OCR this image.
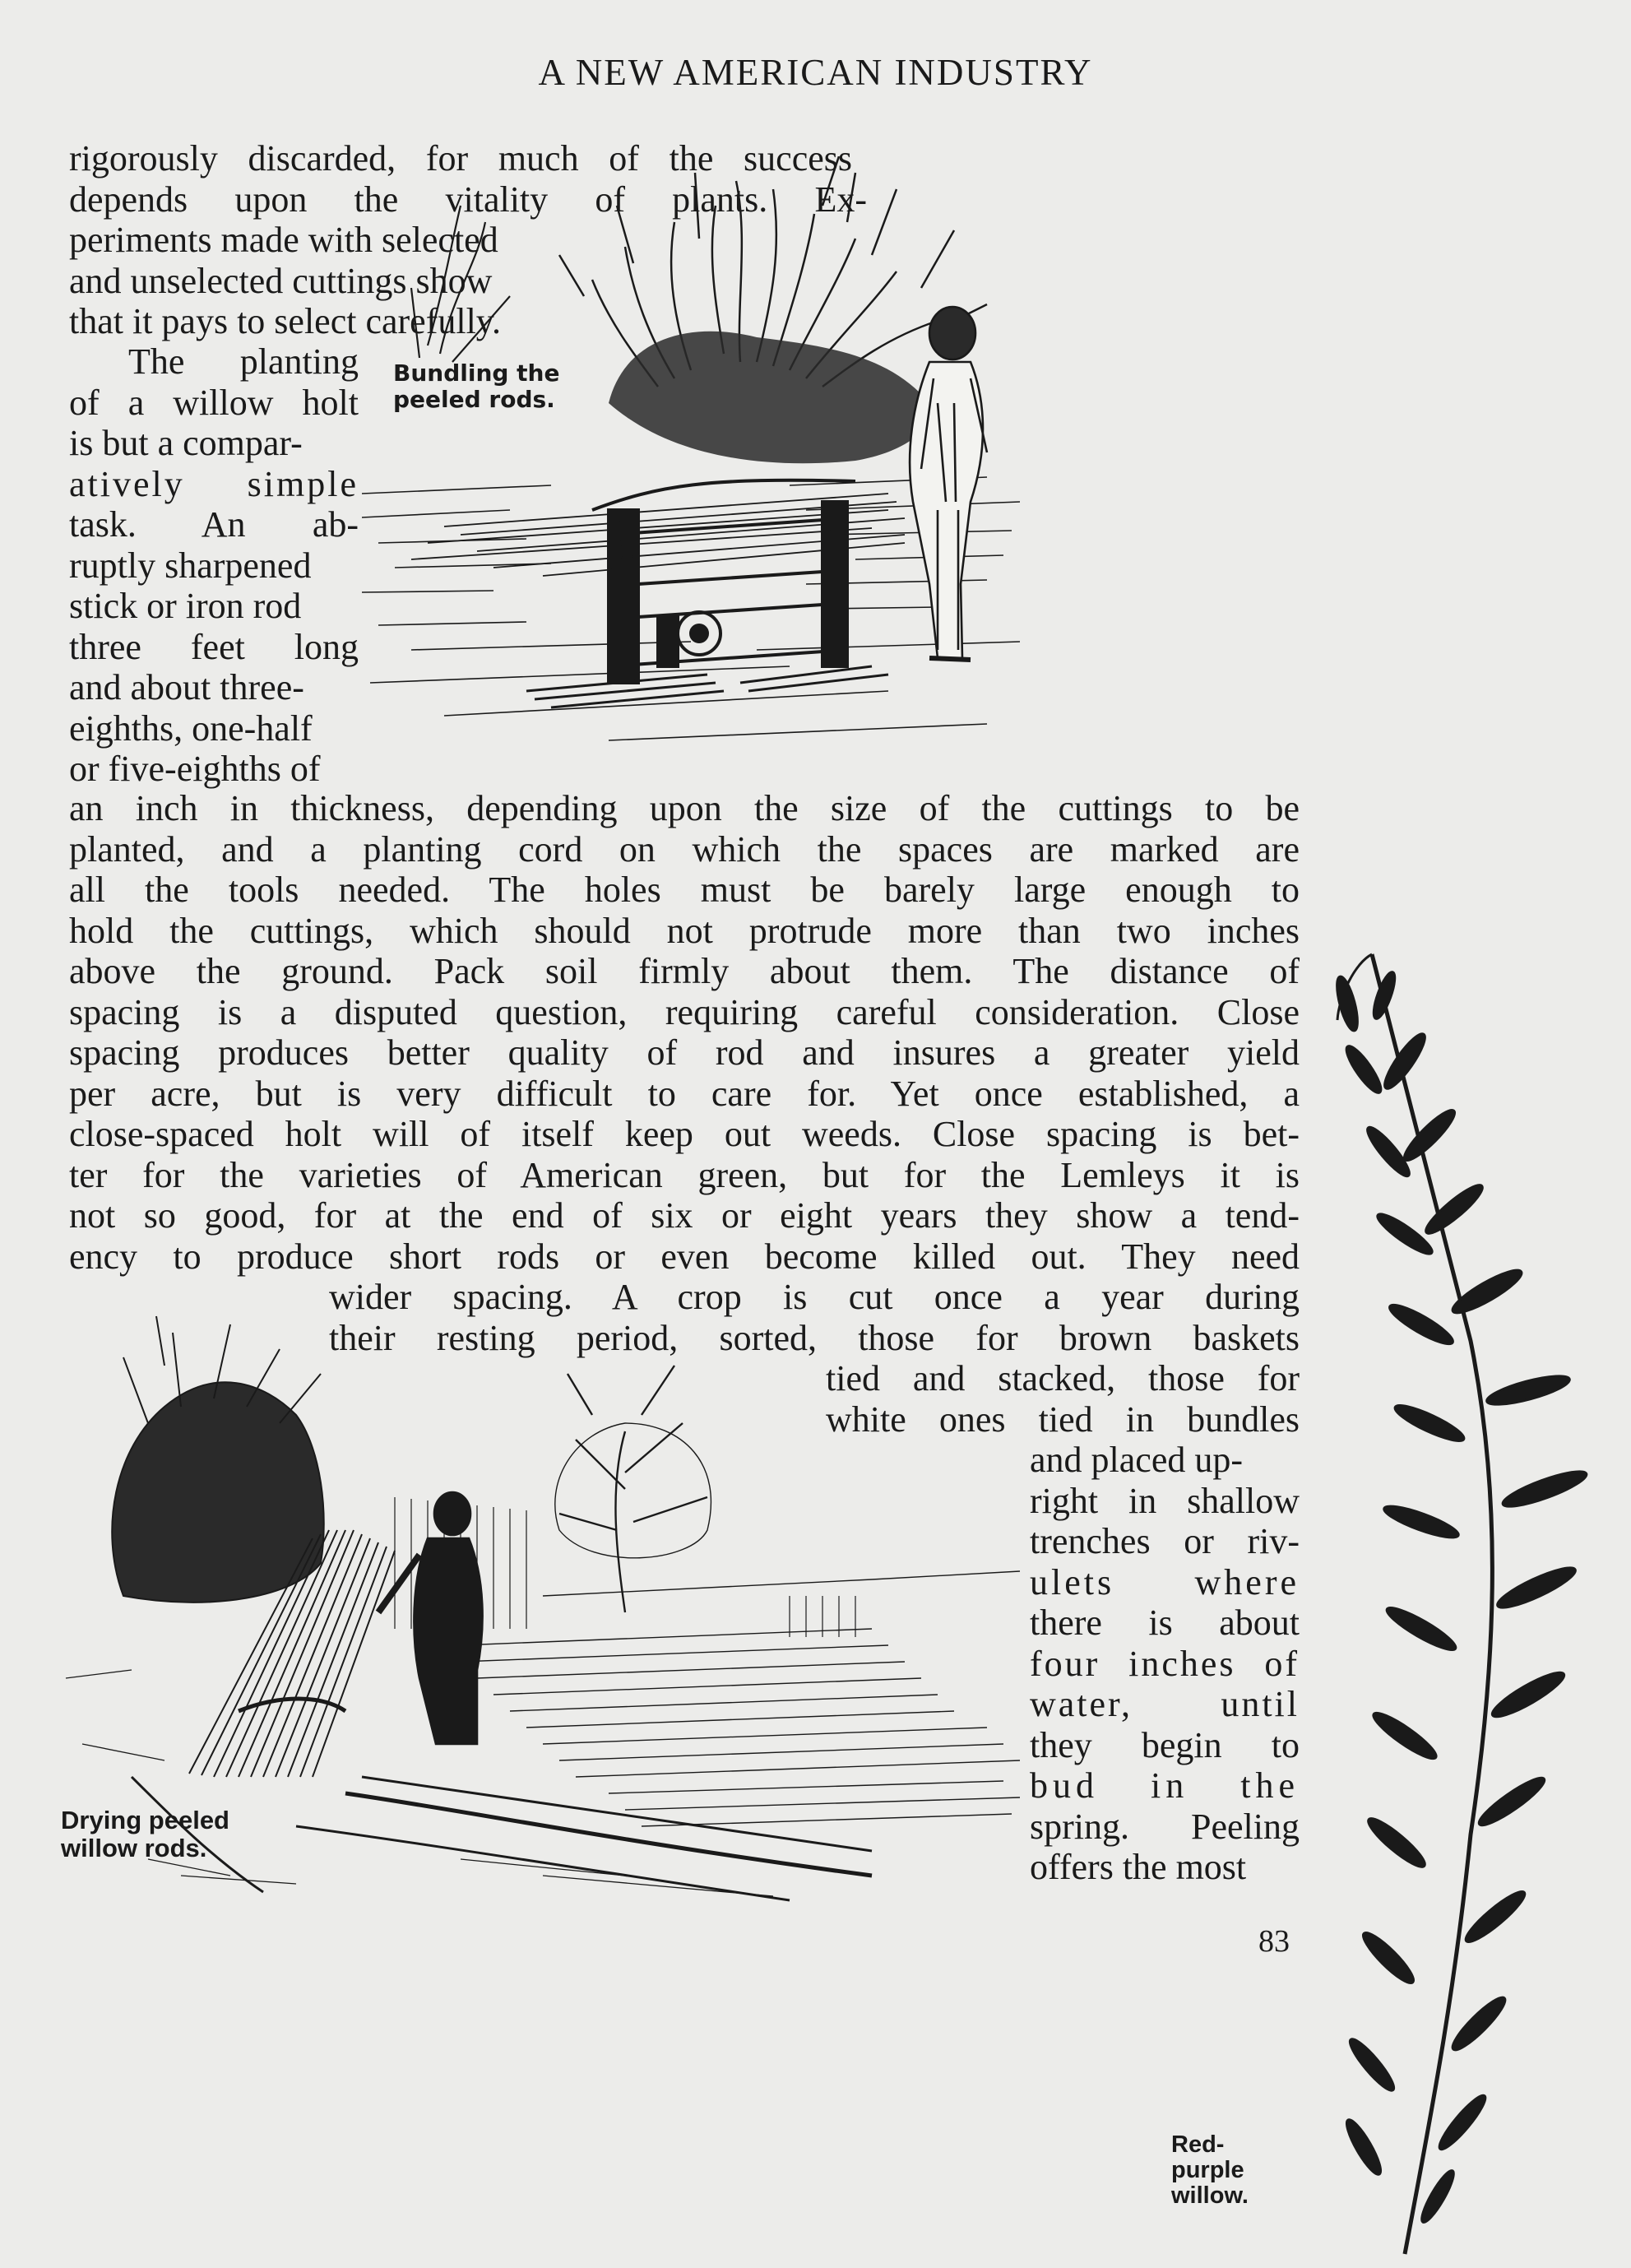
A NEW AMERICAN INDUSTRY
rigorously discarded, for much of the success
depends upon the vitality of plants. Ex-
periments made with selected
and unselected cuttings show
that it pays to select carefully.
The planting
of a willow holt
is but a compar-
atively simple
task. An ab-
ruptly sharpened
stick or iron rod
three feet long
and about three-
eighths, one-half
or five-eighths of
an inch in thickness, depending upon the size of the cuttings to be
planted, and a planting cord on which the spaces are marked are
all the tools needed. The holes must be barely large enough to
hold the cuttings, which should not protrude more than two inches
above the ground. Pack soil firmly about them. The distance of
spacing is a disputed question, requiring careful consideration. Close
spacing produces better quality of rod and insures a greater yield
per acre, but is very difficult to care for. Yet once established, a
close-spaced holt will of itself keep out weeds. Close spacing is bet-
ter for the varieties of American green, but for the Lemleys it is
not so good, for at the end of six or eight years they show a tend-
ency to produce short rods or even become killed out. They need
wider spacing. A crop is cut once a year during
their resting period, sorted, those for brown baskets
tied and stacked, those for
white ones tied in bundles
and placed up-
right in shallow
trenches or riv-
ulets where
there is about
four inches of
water, until
they begin to
bud in the
spring. Peeling
offers the most
Bundling the
peeled rods.
Drying peeled
willow rods.
Red-
purple
willow.
83
